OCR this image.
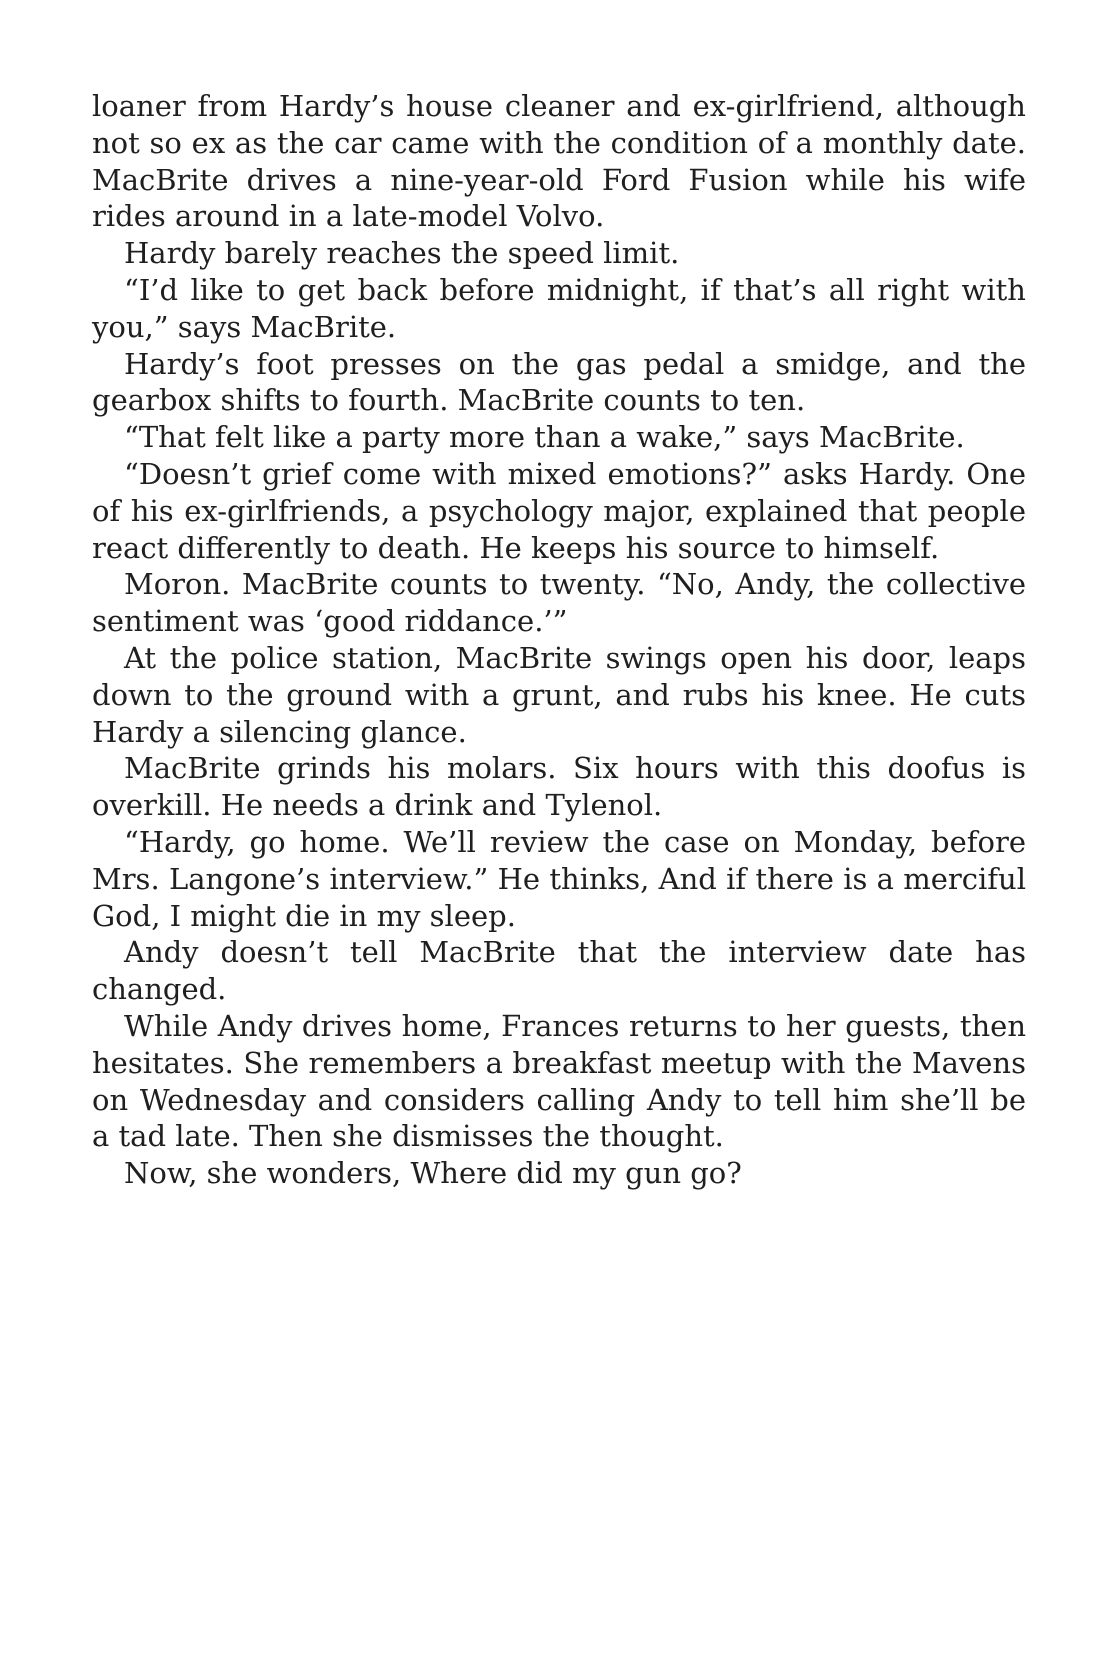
loaner from Hardy’s house cleaner and ex-girlfriend, although not so ex as the car came with the condition of a monthly date. MacBrite drives a nine-year-old Ford Fusion while his wife rides around in a late-model Volvo.

Hardy barely reaches the speed limit.

“I’d like to get back before midnight, if that’s all right with you,” says MacBrite.

Hardy’s foot presses on the gas pedal a smidge, and the gearbox shifts to fourth. MacBrite counts to ten.

“That felt like a party more than a wake,” says MacBrite.

“Doesn’t grief come with mixed emotions?” asks Hardy. One of his ex-girlfriends, a psychology major, explained that people react differently to death. He keeps his source to himself.

Moron. MacBrite counts to twenty. “No, Andy, the collective sentiment was ‘good riddance.’”

At the police station, MacBrite swings open his door, leaps down to the ground with a grunt, and rubs his knee. He cuts Hardy a silencing glance.

MacBrite grinds his molars. Six hours with this doofus is overkill. He needs a drink and Tylenol.

“Hardy, go home. We’ll review the case on Monday, before Mrs. Langone’s interview.” He thinks, And if there is a merciful God, I might die in my sleep.

Andy doesn’t tell MacBrite that the interview date has changed.

While Andy drives home, Frances returns to her guests, then hesitates. She remembers a breakfast meetup with the Mavens on Wednesday and considers calling Andy to tell him she’ll be a tad late. Then she dismisses the thought.

Now, she wonders, Where did my gun go?
